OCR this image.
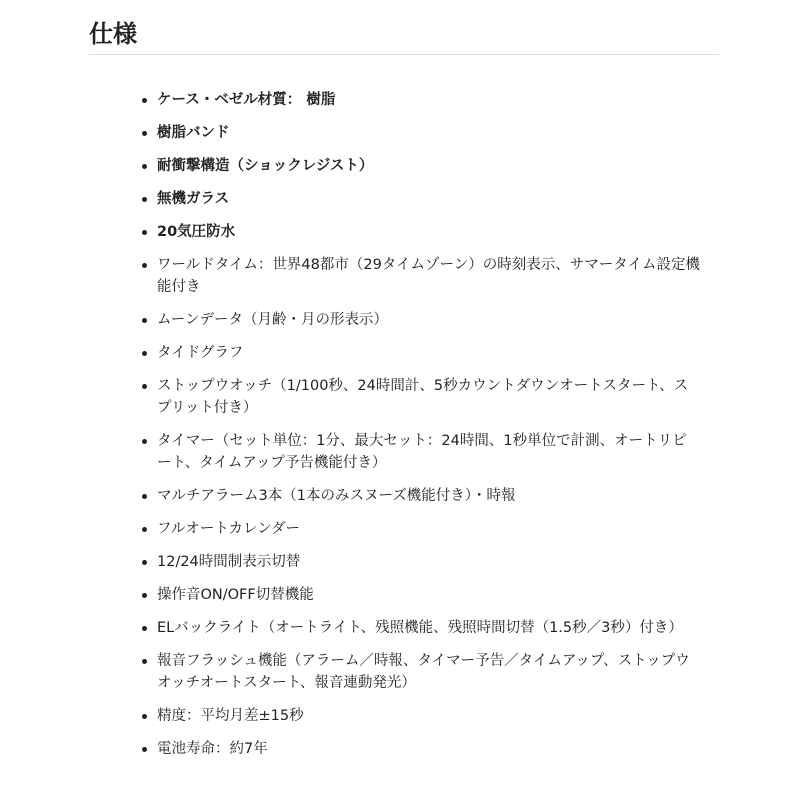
仕様
ケース・ベゼル材質： 樹脂
樹脂バンド
耐衝撃構造（ショックレジスト）
無機ガラス
20気圧防水
ワールドタイム：世界48都市（29タイムゾーン）の時刻表示、サマータイム設定機能付き
ムーンデータ（月齢・月の形表示）
タイドグラフ
ストップウオッチ（1/100秒、24時間計、5秒カウントダウンオートスタート、スプリット付き）
タイマー（セット単位：1分、最大セット：24時間、1秒単位で計測、オートリピート、タイムアップ予告機能付き）
マルチアラーム3本（1本のみスヌーズ機能付き）・時報
フルオートカレンダー
12/24時間制表示切替
操作音ON/OFF切替機能
ELバックライト（オートライト、残照機能、残照時間切替（1.5秒／3秒）付き）
報音フラッシュ機能（アラーム／時報、タイマー予告／タイムアップ、ストップウオッチオートスタート、報音連動発光）
精度：平均月差±15秒
電池寿命：約7年
